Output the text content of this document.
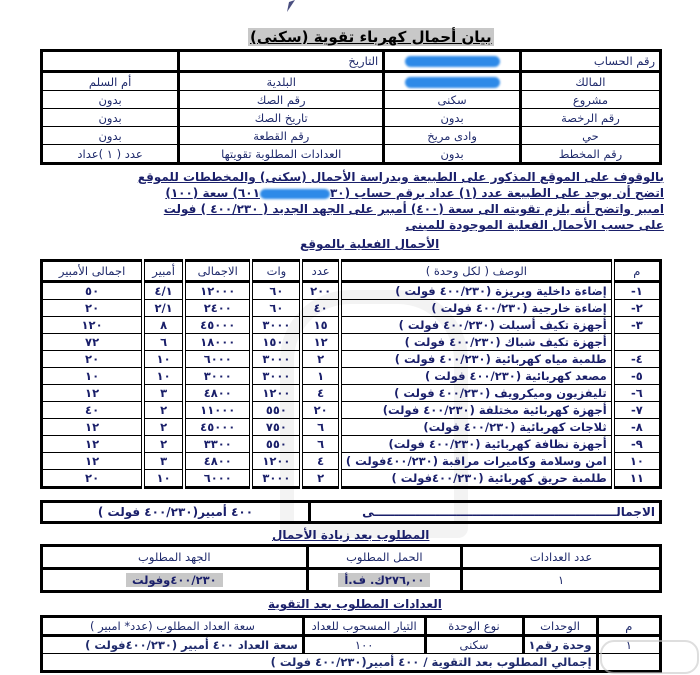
بيان أحمال كهرباء تقوية (سكنى)
رقم الحساب		التاريخ	
المالك		البلدية	أم السلم
مشروع	سكنى	رقم الصك	بدون
رقم الرخصة	بدون	تاريخ الصك	بدون
حي	وادى مريخ	رقم القطعة	بدون
رقم المخطط	بدون	العدادات المطلوبة تقويتها	عدد ( ١ )عداد

بالوقوف على الموقع المذكور على الطبيعة وبدراسة الأحمال (سكنى) والمخططات للموقع

اتضح أن يوجد على الطبيعة عدد (١) عداد برقم حساب (٣٠٦٠١) سعة (١٠٠)

امبير واتضح أنه يلزم تقويته الى سعة (٤٠٠) أمبير على الجهد الجديد ( ٤٠٠/٢٣٠ ) فولت

على حسب الأحمال الفعلية الموجودة للمبنى

الأحمال الفعلية بالموقع
م	الوصف ( لكل وحدة )	عدد	وات	الاجمالى	أمبير	اجمالى الأمبير
١-	إضاءة داخلية وبريزة (٤٠٠/٢٣٠ فولت )	٢٠٠	٦٠	١٢٠٠٠	٤/١	٥٠
٢-	إضاءة خارجية (٤٠٠/٢٣٠ فولت )	٤٠	٦٠	٢٤٠٠	٢/١	٢٠
٣-	أجهزة تكيف أسبلت (٤٠٠/٢٣٠ فولت )	١٥	٣٠٠٠	٤٥٠٠٠	٨	١٢٠
	أجهزة تكيف شباك (٤٠٠/٢٣٠ فولت )	١٢	١٥٠٠	١٨٠٠٠	٦	٧٢
٤-	طلمبة مياه كهربائية (٤٠٠/٢٣٠ فولت )	٢	٣٠٠٠	٦٠٠٠	١٠	٢٠
٥-	مصعد كهربائية (٤٠٠/٢٣٠ فولت )	١	٣٠٠٠	٣٠٠٠	١٠	١٠
٦-	تليفزيون وميكرويف (٤٠٠/٢٣٠ فولت )	٤	١٢٠٠	٤٨٠٠	٣	١٢
٧-	أجهزة كهربائية مختلفة (٤٠٠/٢٣٠ فولت)	٢٠	٥٥٠	١١٠٠٠	٢	٤٠
٨-	ثلاجات كهربائية (٤٠٠/٢٣٠ فولت)	٦	٧٥٠	٤٥٠٠٠	٢	١٢
٩-	أجهزة نظافة كهربائية (٤٠٠/٢٣٠ فولت)	٦	٥٥٠	٣٣٠٠	٢	١٢
١٠	امن وسلامة وكاميرات مراقبة (٤٠٠/٢٣٠فولت )	٤	١٢٠٠	٤٨٠٠	٣	١٢
١١	طلمبة حريق كهربائية (٤٠٠/٢٣٠فولت )	٢	٣٠٠٠	٦٠٠٠	١٠	٢٠
الاجمالـــــــــــــــــــــــــــــــــــــــــــــــــــــــــــى	٤٠٠ أمبير(٤٠٠/٢٣٠ فولت )
المطلوب بعد زيادة الأحمال
عدد العدادات	الحمل المطلوب	الجهد المطلوب
١	٢٧٦,٠٠ك. ف.أ	٤٠٠/٢٣٠وفولت
العدادات المطلوب بعد التقوية
م	الوحدات	نوع الوحدة	التيار المسحوب للعداد	سعة العداد المطلوب (عدد* امبير )
١	وحدة رقم١	سكنى	١٠٠	سعة العداد ٤٠٠ أمبير (٤٠٠/٢٣٠فولت )
	إجمالي المطلوب بعد التقوية / ٤٠٠ أمبير(٤٠٠/٢٣٠ فولت )			
